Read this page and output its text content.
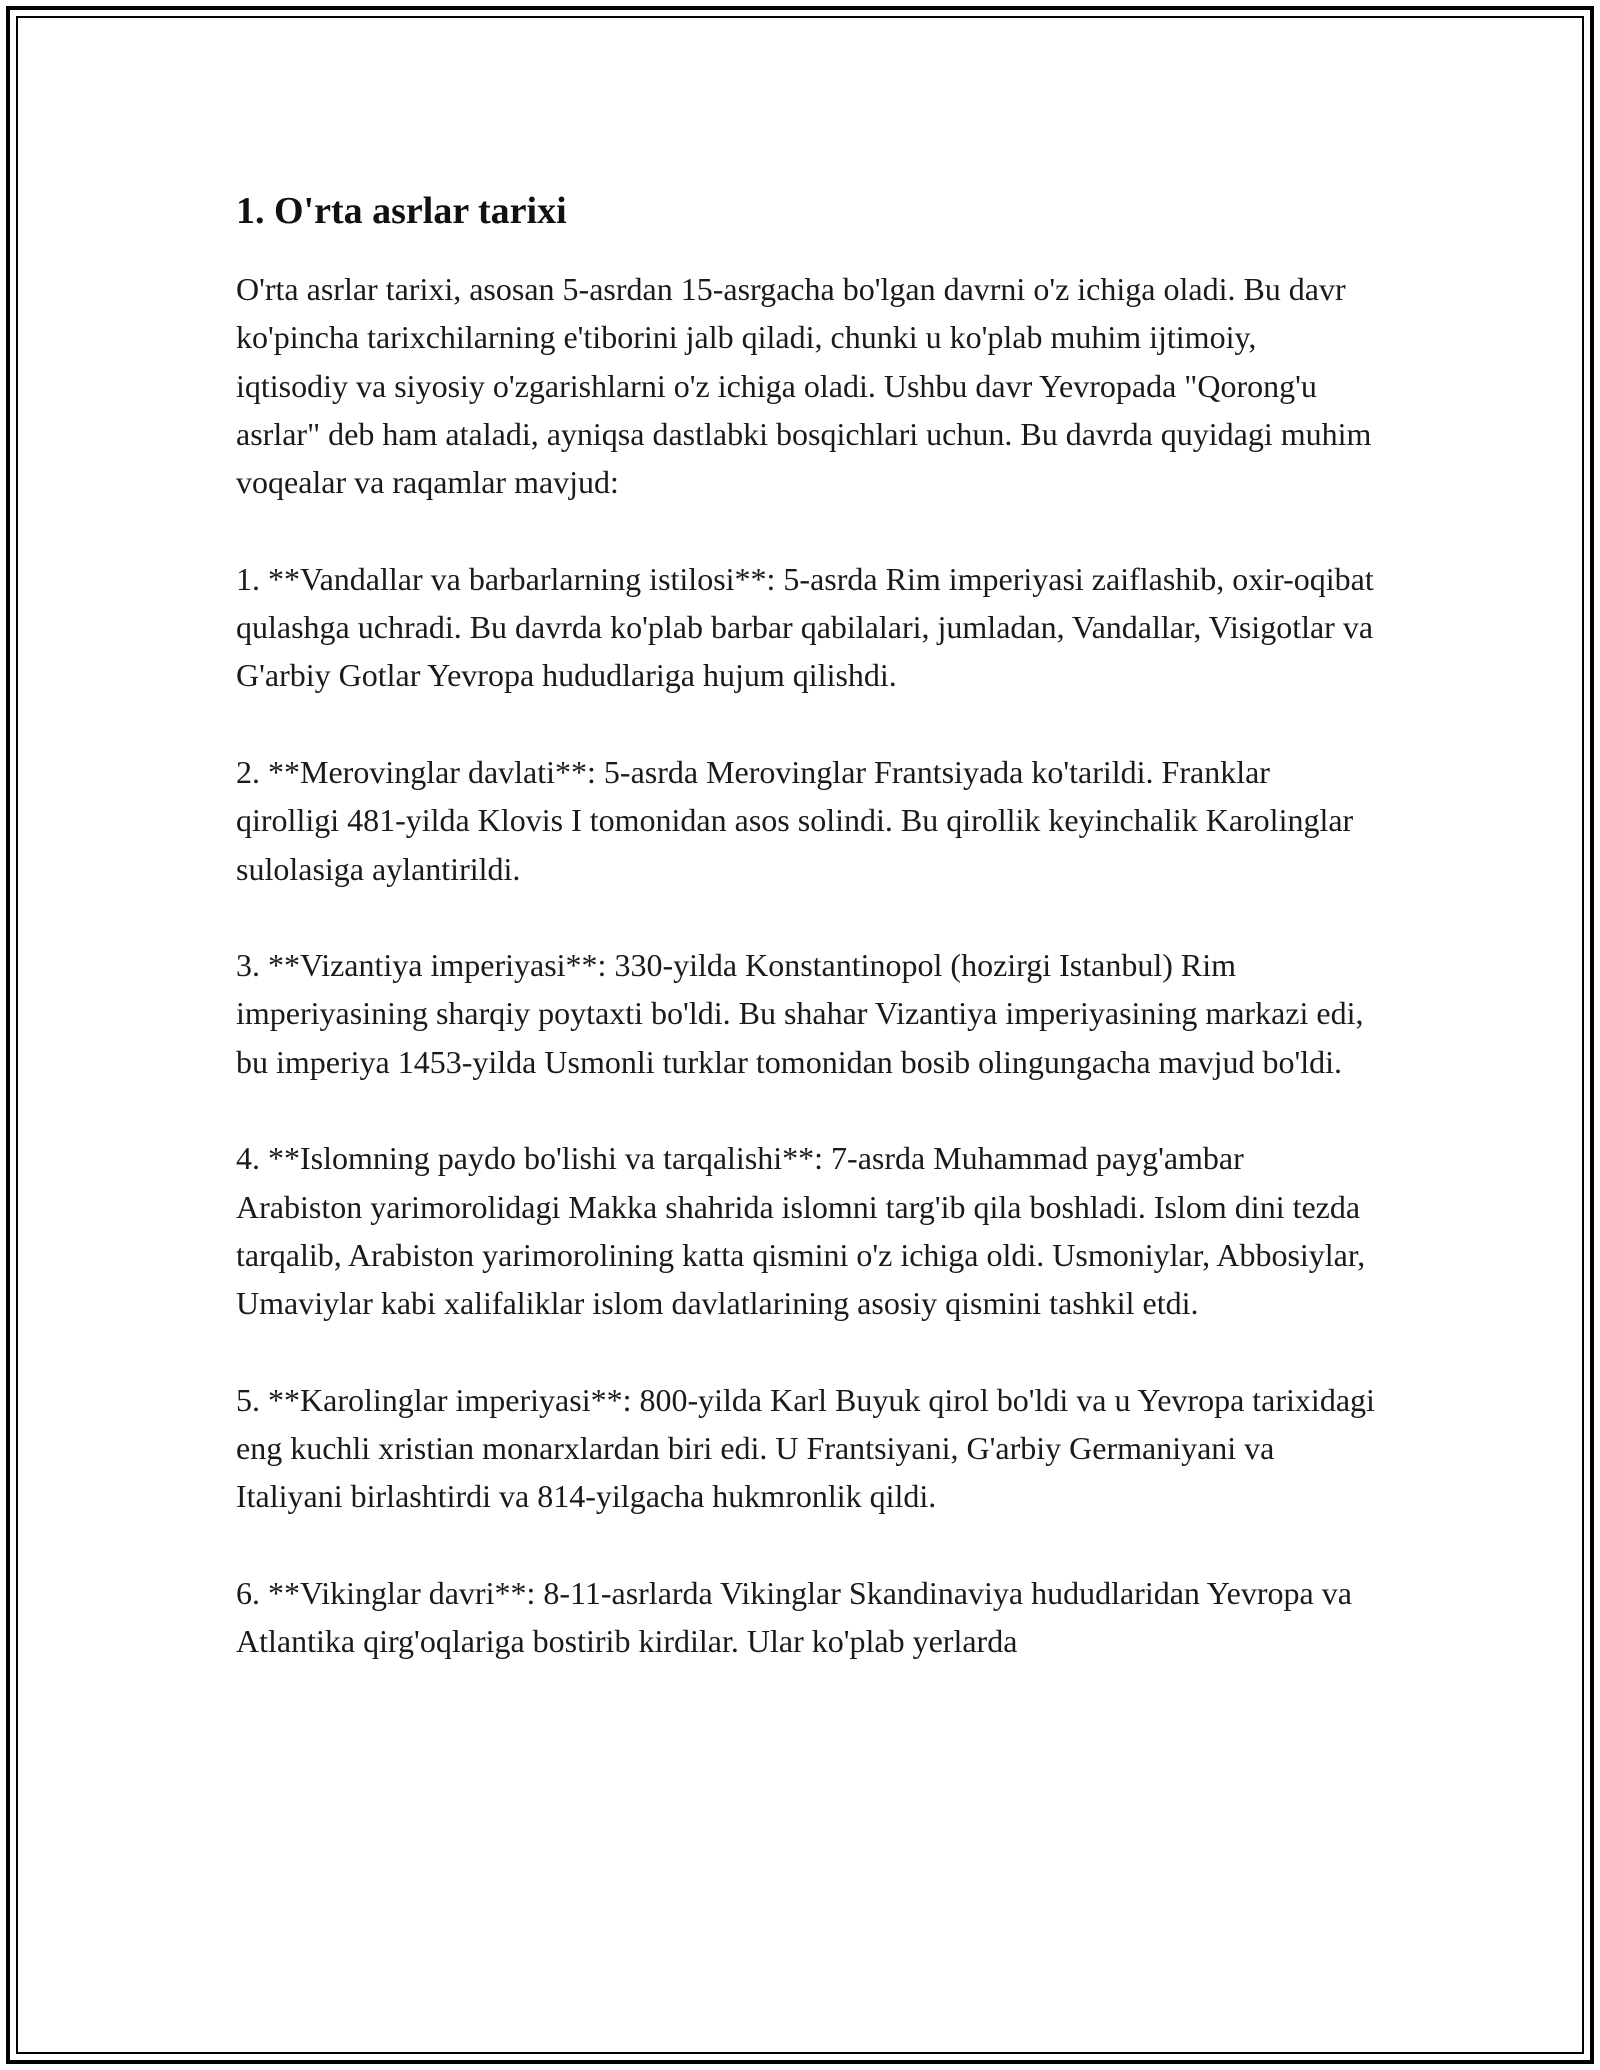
1. O'rta asrlar tarixi

O'rta asrlar tarixi, asosan 5-asrdan 15-asrgacha bo'lgan davrni o'z ichiga oladi. Bu davr ko'pincha tarixchilarning e'tiborini jalb qiladi, chunki u ko'plab muhim ijtimoiy, iqtisodiy va siyosiy o'zgarishlarni o'z ichiga oladi. Ushbu davr Yevropada "Qorong'u asrlar" deb ham ataladi, ayniqsa dastlabki bosqichlari uchun. Bu davrda quyidagi muhim voqealar va raqamlar mavjud:

1. **Vandallar va barbarlarning istilosi**: 5-asrda Rim imperiyasi zaiflashib, oxir-oqibat qulashga uchradi. Bu davrda ko'plab barbar qabilalari, jumladan, Vandallar, Visigotlar va G'arbiy Gotlar Yevropa hududlariga hujum qilishdi.

2. **Merovinglar davlati**: 5-asrda Merovinglar Frantsiyada ko'tarildi. Franklar qirolligi 481-yilda Klovis I tomonidan asos solindi. Bu qirollik keyinchalik Karolinglar sulolasiga aylantirildi.

3. **Vizantiya imperiyasi**: 330-yilda Konstantinopol (hozirgi Istanbul) Rim imperiyasining sharqiy poytaxti bo'ldi. Bu shahar Vizantiya imperiyasining markazi edi, bu imperiya 1453-yilda Usmonli turklar tomonidan bosib olingungacha mavjud bo'ldi.

4. **Islomning paydo bo'lishi va tarqalishi**: 7-asrda Muhammad payg'ambar Arabiston yarimorolidagi Makka shahrida islomni targ'ib qila boshladi. Islom dini tezda tarqalib, Arabiston yarimorolining katta qismini o'z ichiga oldi. Usmoniylar, Abbosiylar, Umaviylar kabi xalifaliklar islom davlatlarining asosiy qismini tashkil etdi.

5. **Karolinglar imperiyasi**: 800-yilda Karl Buyuk qirol bo'ldi va u Yevropa tarixidagi eng kuchli xristian monarxlardan biri edi. U Frantsiyani, G'arbiy Germaniyani va Italiyani birlashtirdi va 814-yilgacha hukmronlik qildi.

6. **Vikinglar davri**: 8-11-asrlarda Vikinglar Skandinaviya hududlaridan Yevropa va Atlantika qirg'oqlariga bostirib kirdilar. Ular ko'plab yerlarda
